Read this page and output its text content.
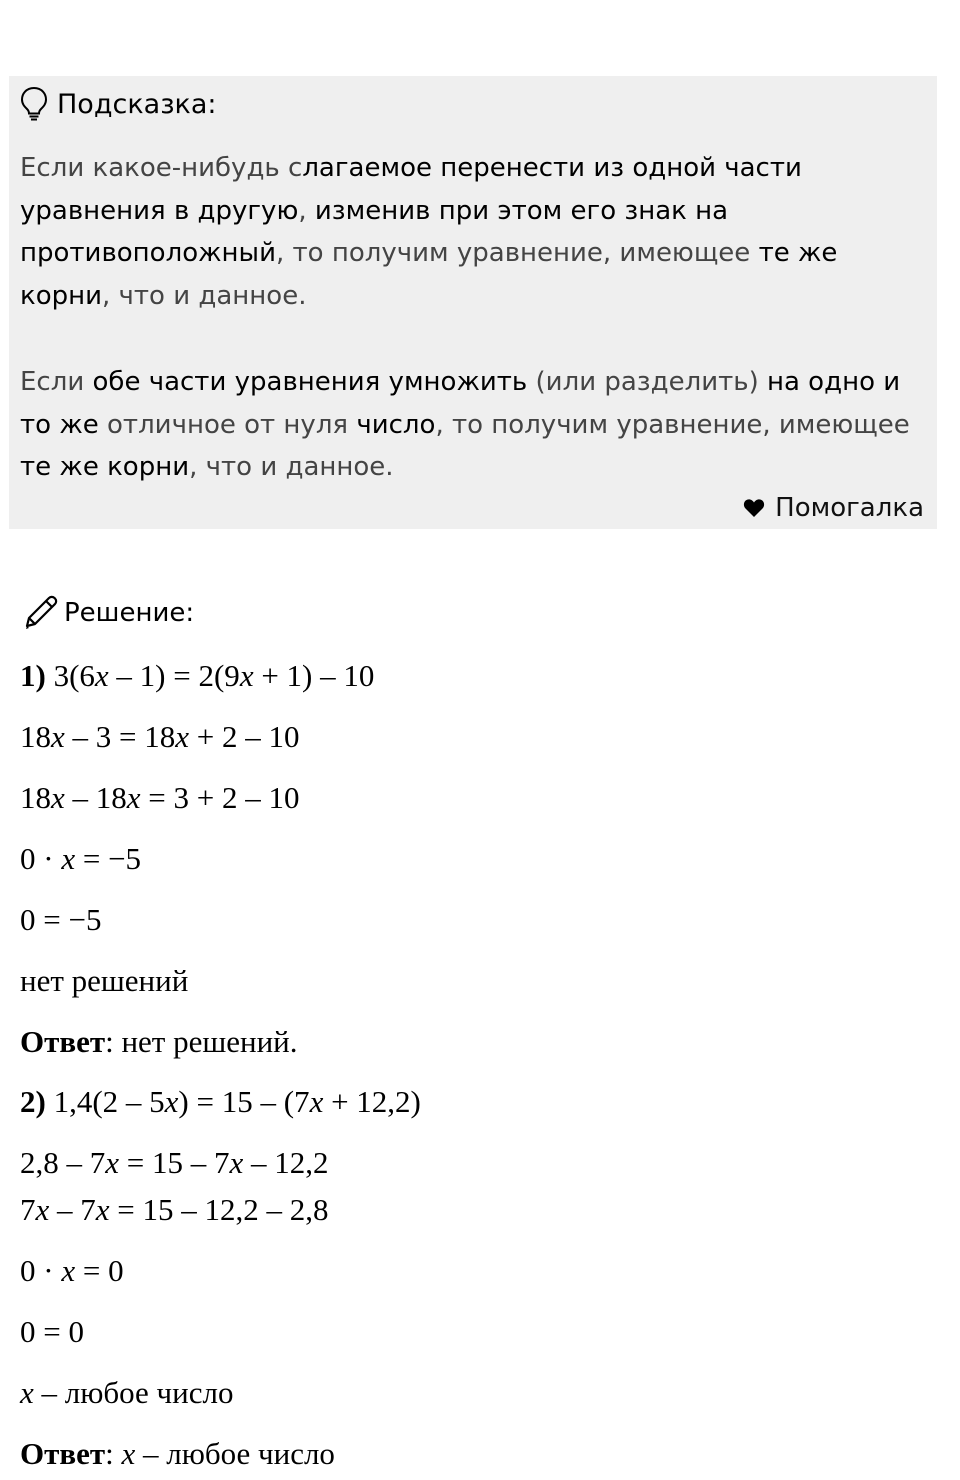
Подсказка:
Если какое-нибудь слагаемое перенести из одной части уравнения в другую, изменив при этом его знак на противоположный, то получим уравнение, имеющее те же корни, что и данное.
Если обе части уравнения умножить (или разделить) на одно и то же отличное от нуля число, то получим уравнение, имеющее те же корни, что и данное.
Помогалка
Решение:
1) 3(6x – 1) = 2(9x + 1) – 10
18x – 3 = 18x + 2 – 10
18x – 18x = 3 + 2 – 10
0 · x = −5
0 = −5
нет решений
Ответ: нет решений.
2) 1,4(2 – 5x) = 15 – (7x + 12,2)
2,8 – 7x = 15 – 7x – 12,2
7x – 7x = 15 – 12,2 – 2,8
0 · x = 0
0 = 0
x – любое число
Ответ: x – любое число
